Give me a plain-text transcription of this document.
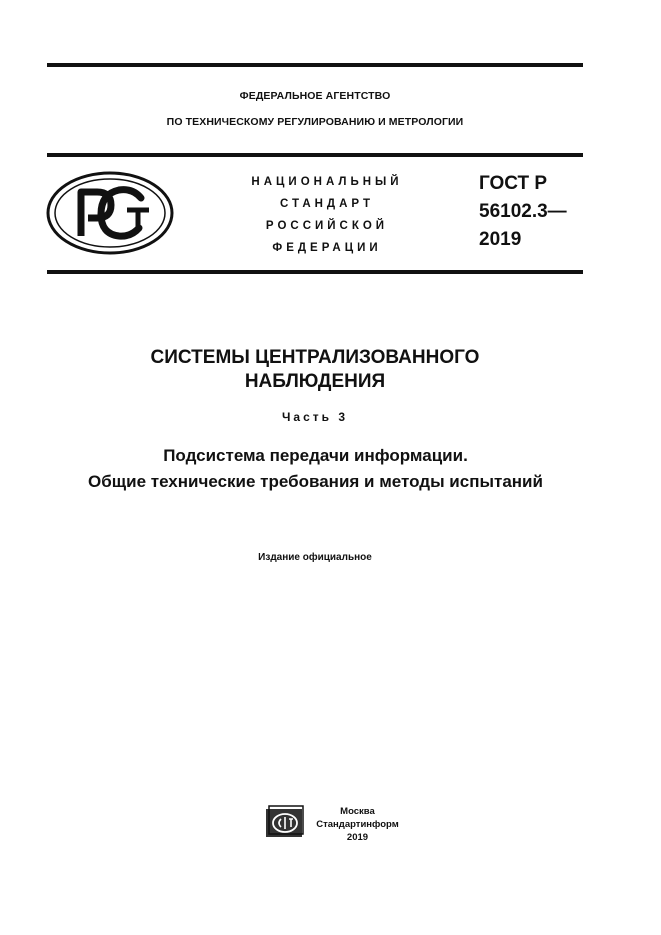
ФЕДЕРАЛЬНОЕ АГЕНТСТВО
ПО ТЕХНИЧЕСКОМУ РЕГУЛИРОВАНИЮ И МЕТРОЛОГИИ
НАЦИОНАЛЬНЫЙ
СТАНДАРТ
РОССИЙСКОЙ
ФЕДЕРАЦИИ
ГОСТ Р
56102.3—
2019
СИСТЕМЫ ЦЕНТРАЛИЗОВАННОГО
НАБЛЮДЕНИЯ
Часть 3
Подсистема передачи информации.
Общие технические требования и методы испытаний
Издание официальное
Москва
Стандартинформ
2019
